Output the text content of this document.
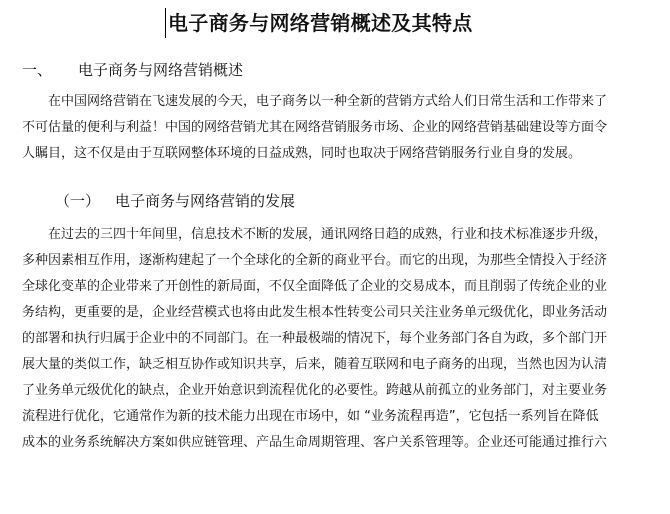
电子商务与网络营销概述及其特点
一、 电子商务与网络营销概述
在中国网络营销在飞速发展的今天，电子商务以一种全新的营销方式给人们日常生活和工作带来了
不可估量的便利与利益！中国的网络营销尤其在网络营销服务市场、企业的网络营销基础建设等方面令
人瞩目，这不仅是由于互联网整体环境的日益成熟，同时也取决于网络营销服务行业自身的发展。
（一） 电子商务与网络营销的发展
在过去的三四十年间里，信息技术不断的发展，通讯网络日趋的成熟，行业和技术标准逐步升级，
多种因素相互作用，逐渐构建起了一个全球化的全新的商业平台。而它的出现，为那些全情投入于经济
全球化变革的企业带来了开创性的新局面，不仅全面降低了企业的交易成本，而且削弱了传统企业的业
务结构，更重要的是，企业经营模式也将由此发生根本性转变公司只关注业务单元级优化，即业务活动
的部署和执行归属于企业中的不同部门。在一种最极端的情况下，每个业务部门各自为政，多个部门开
展大量的类似工作，缺乏相互协作或知识共享，后来，随着互联网和电子商务的出现，当然也因为认清
了业务单元级优化的缺点，企业开始意识到流程优化的必要性。跨越从前孤立的业务部门，对主要业务
流程进行优化，它通常作为新的技术能力出现在市场中，如 “业务流程再造”，它包括一系列旨在降低
成本的业务系统解决方案如供应链管理、产品生命周期管理、客户关系管理等。企业还可能通过推行六
